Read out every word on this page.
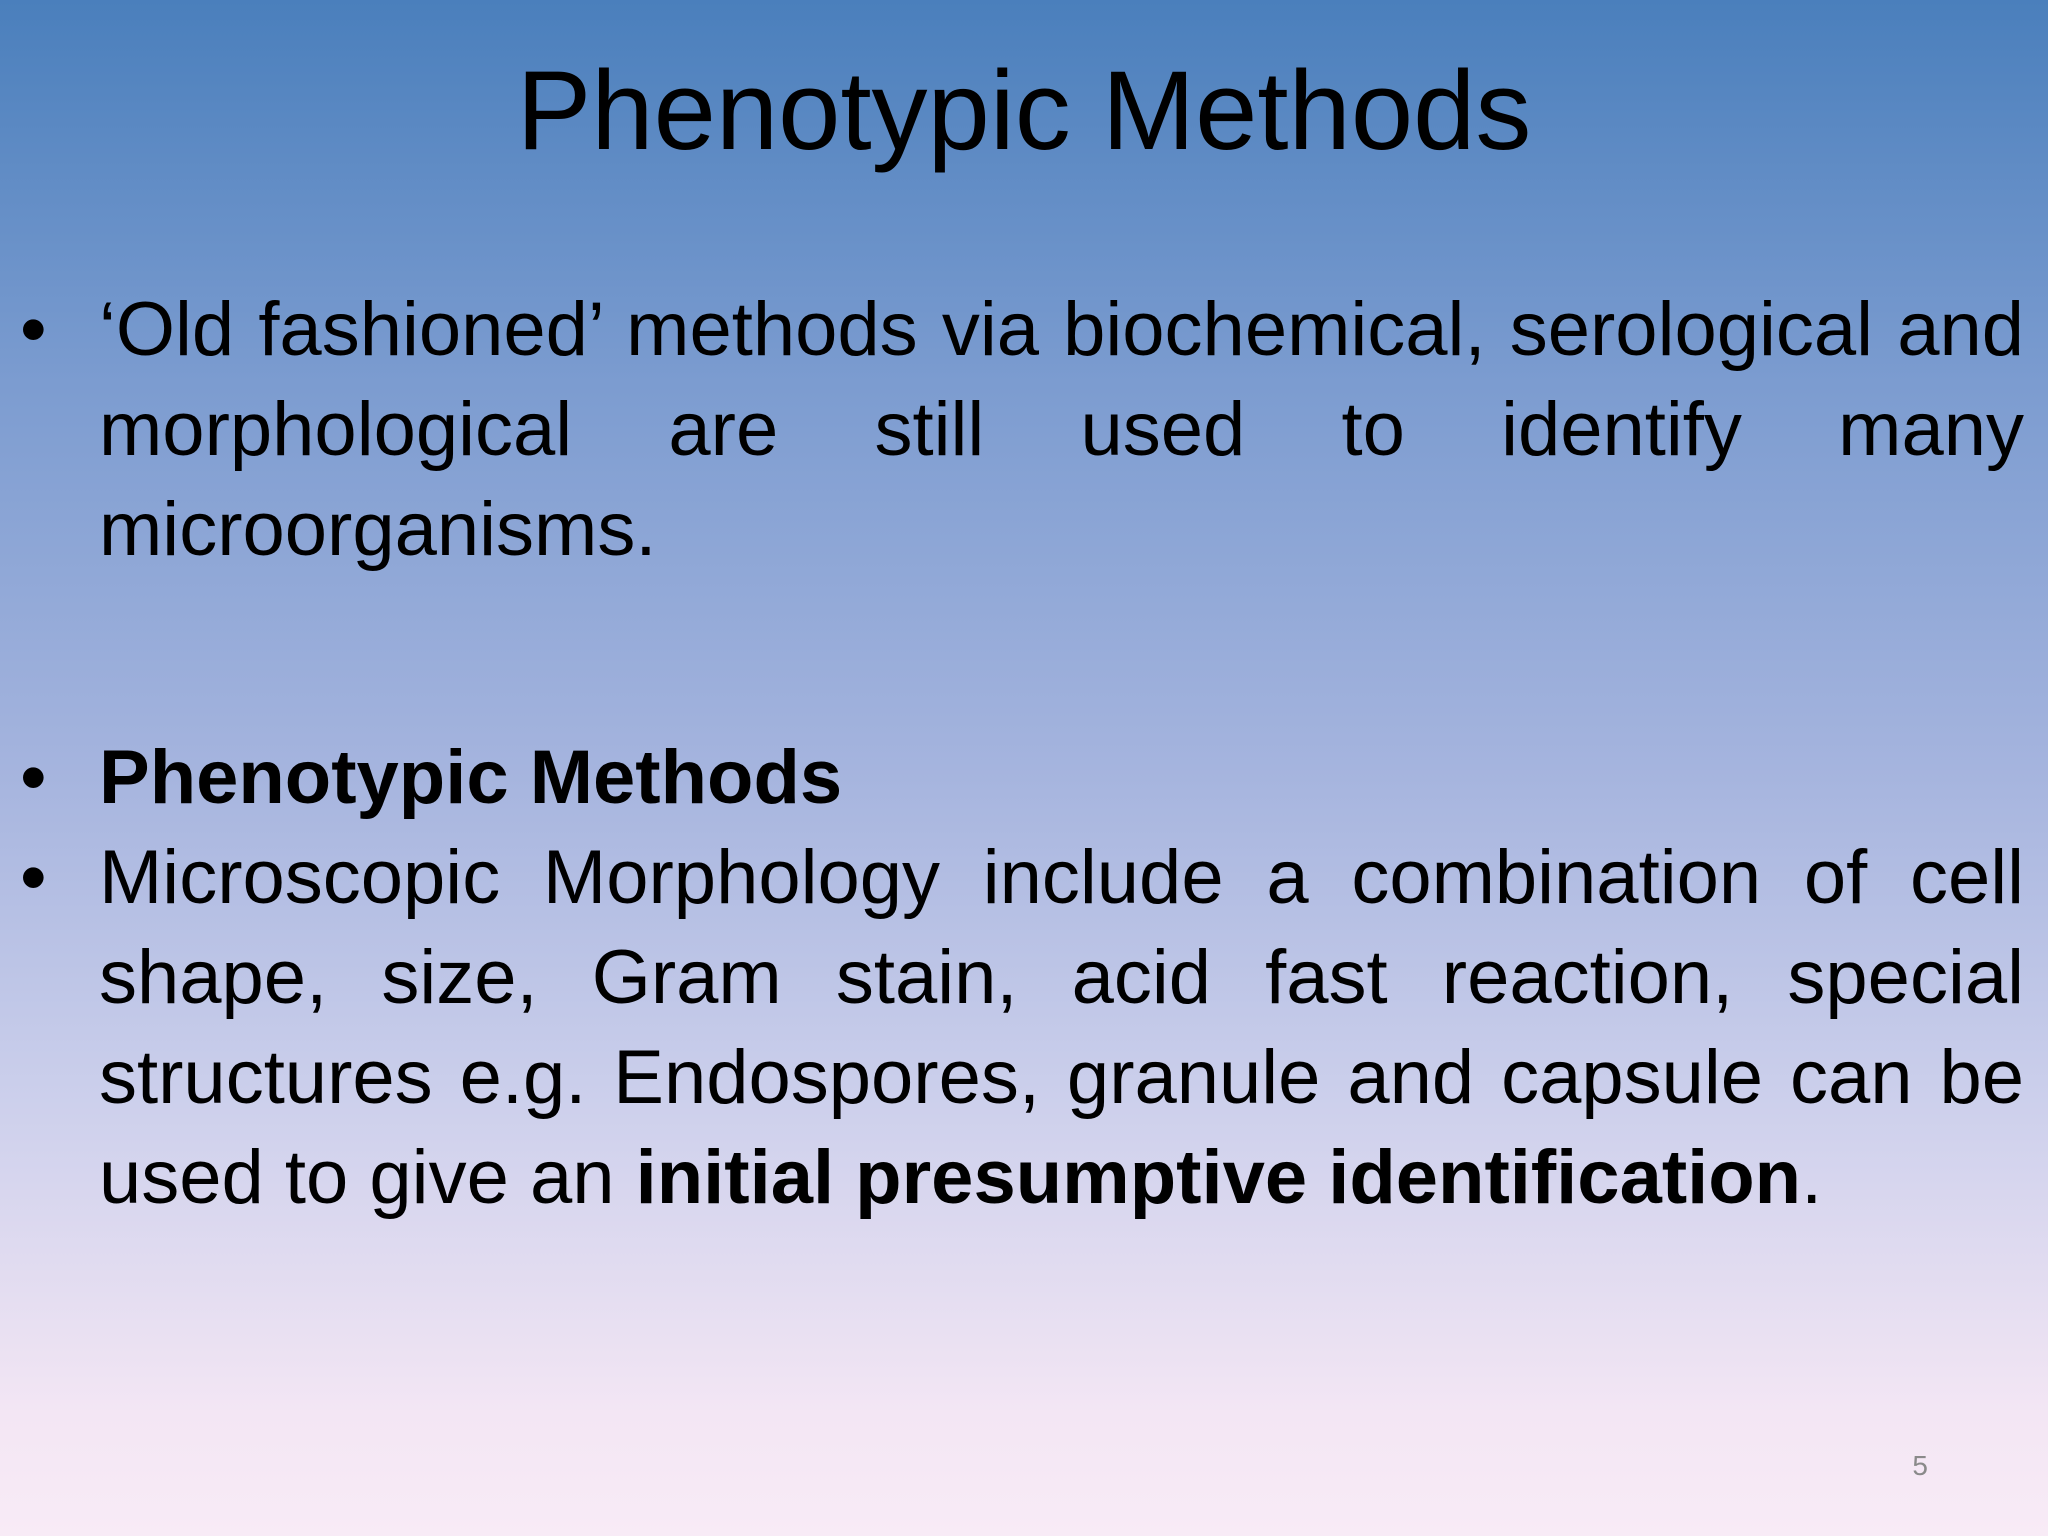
Phenotypic Methods
• ‘Old fashioned’ methods via biochemical, serological and morphological are still used to identify many microorganisms.
• Phenotypic Methods
• Microscopic Morphology include a combination of cell shape, size, Gram stain, acid fast reaction, special structures e.g. Endospores, granule and capsule can be used to give an initial presumptive identification.
5
